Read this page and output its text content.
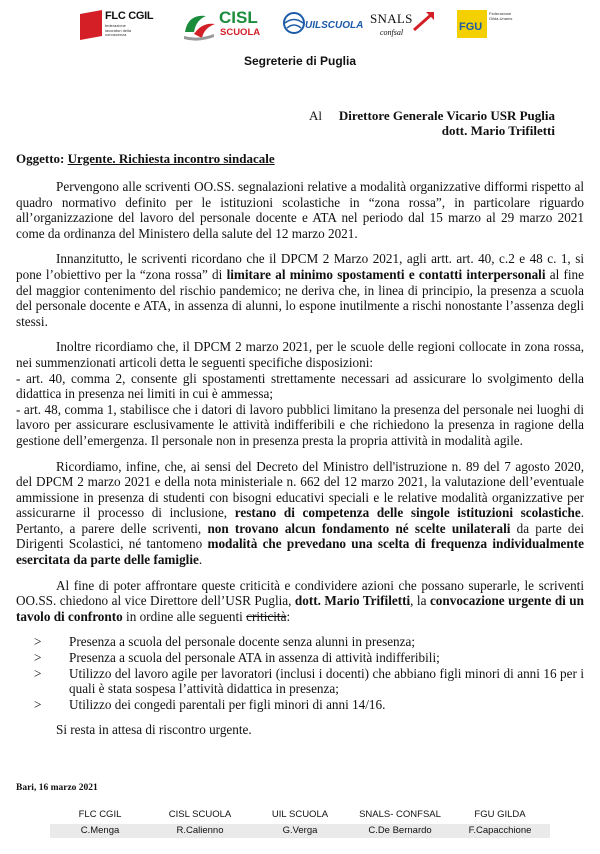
FLC CGIL
federazione lavoratori della conoscenza
CISL
SCUOLA
UILSCUOLA SNALS
confsal	FGU
Federazione Gilda-Unams
Segreterie di Puglia
Al Direttore Generale Vicario USR Puglia
dott. Mario Trifiletti
Oggetto: Urgente. Richiesta incontro sindacale

Pervengono alle scriventi OO.SS. segnalazioni relative a modalità organizzative difformi rispetto al quadro normativo definito per le istituzioni scolastiche in “zona rossa”, in particolare riguardo all’organizzazione del lavoro del personale docente e ATA nel periodo dal 15 marzo al 29 marzo 2021 come da ordinanza del Ministero della salute del 12 marzo 2021.

Innanzitutto, le scriventi ricordano che il DPCM 2 Marzo 2021, agli artt. art. 40, c.2 e 48 c. 1, si pone l’obiettivo per la “zona rossa” di limitare al minimo spostamenti e contatti interpersonali al fine del maggior contenimento del rischio pandemico; ne deriva che, in linea di principio, la presenza a scuola del personale docente e ATA, in assenza di alunni, lo espone inutilmente a rischi nonostante l’assenza degli stessi.

Inoltre ricordiamo che, il DPCM 2 marzo 2021, per le scuole delle regioni collocate in zona rossa, nei summenzionati articoli detta le seguenti specifiche disposizioni:

- art. 40, comma 2, consente gli spostamenti strettamente necessari ad assicurare lo svolgimento della didattica in presenza nei limiti in cui è ammessa;

- art. 48, comma 1, stabilisce che i datori di lavoro pubblici limitano la presenza del personale nei luoghi di lavoro per assicurare esclusivamente le attività indifferibili e che richiedono la presenza in ragione della gestione dell’emergenza. Il personale non in presenza presta la propria attività in modalità agile.

Ricordiamo, infine, che, ai sensi del Decreto del Ministro dell'istruzione n. 89 del 7 agosto 2020, del DPCM 2 marzo 2021 e della nota ministeriale n. 662 del 12 marzo 2021, la valutazione dell’eventuale ammissione in presenza di studenti con bisogni educativi speciali e le relative modalità organizzative per assicurarne il processo di inclusione, restano di competenza delle singole istituzioni scolastiche. Pertanto, a parere delle scriventi, non trovano alcun fondamento né scelte unilaterali da parte dei Dirigenti Scolastici, né tantomeno modalità che prevedano una scelta di frequenza individualmente esercitata da parte delle famiglie.

Al fine di poter affrontare queste criticità e condividere azioni che possano superarle, le scriventi OO.SS. chiedono al vice Direttore dell’USR Puglia, dott. Mario Trifiletti, la convocazione urgente di un tavolo di confronto in ordine alle seguenti criticità:

> Presenza a scuola del personale docente senza alunni in presenza;
> Presenza a scuola del personale ATA in assenza di attività indifferibili;
> Utilizzo del lavoro agile per lavoratori (inclusi i docenti) che abbiano figli minori di anni 16 per i quali è stata sospesa l’attività didattica in presenza;
> Utilizzo dei congedi parentali per figli minori di anni 14/16.

Si resta in attesa di riscontro urgente.

Bari, 16 marzo 2021
FLC CGIL	CISL SCUOLA	UIL SCUOLA	SNALS- CONFSAL	FGU GILDA
C.Menga	R.Calienno	G.Verga	C.De Bernardo	F.Capacchione
